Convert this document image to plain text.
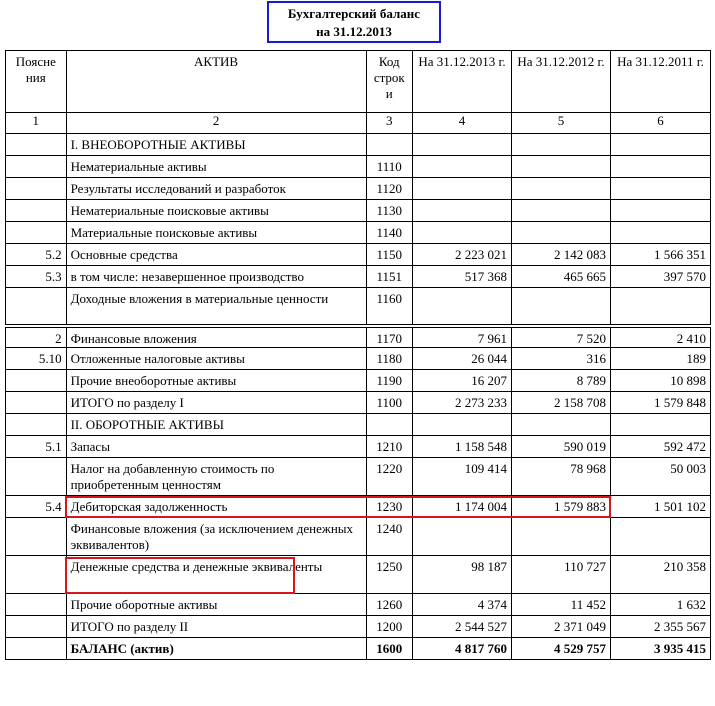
Бухгалтерский баланс
на 31.12.2013
Поясне ния	АКТИВ	Код строк и	На 31.12.2013 г.	На 31.12.2012 г.	На 31.12.2011 г.
1	2	3	4	5	6
	I. ВНЕОБОРОТНЫЕ АКТИВЫ				
	Нематериальные активы	1110			
	Результаты исследований и разработок	1120			
	Нематериальные поисковые активы	1130			
	Материальные поисковые активы	1140			
5.2	Основные средства	1150	2 223 021	2 142 083	1 566 351
5.3	в том числе: незавершенное производство	1151	517 368	465 665	397 570
	Доходные вложения в материальные ценности	1160			
2	Финансовые вложения	1170	7 961	7 520	2 410
5.10	Отложенные налоговые активы	1180	26 044	316	189
	Прочие внеоборотные активы	1190	16 207	8 789	10 898
	ИТОГО по разделу I	1100	2 273 233	2 158 708	1 579 848
	II. ОБОРОТНЫЕ АКТИВЫ				
5.1	Запасы	1210	1 158 548	590 019	592 472
	Налог на добавленную стоимость по приобретенным ценностям	1220	109 414	78 968	50 003
5.4	Дебиторская задолженность	1230	1 174 004	1 579 883	1 501 102
	Финансовые вложения (за исключением денежных эквивалентов)	1240			
	Денежные средства и денежные эквиваленты	1250	98 187	110 727	210 358
	Прочие оборотные активы	1260	4 374	11 452	1 632
	ИТОГО по разделу II	1200	2 544 527	2 371 049	2 355 567
	БАЛАНС (актив)	1600	4 817 760	4 529 757	3 935 415
